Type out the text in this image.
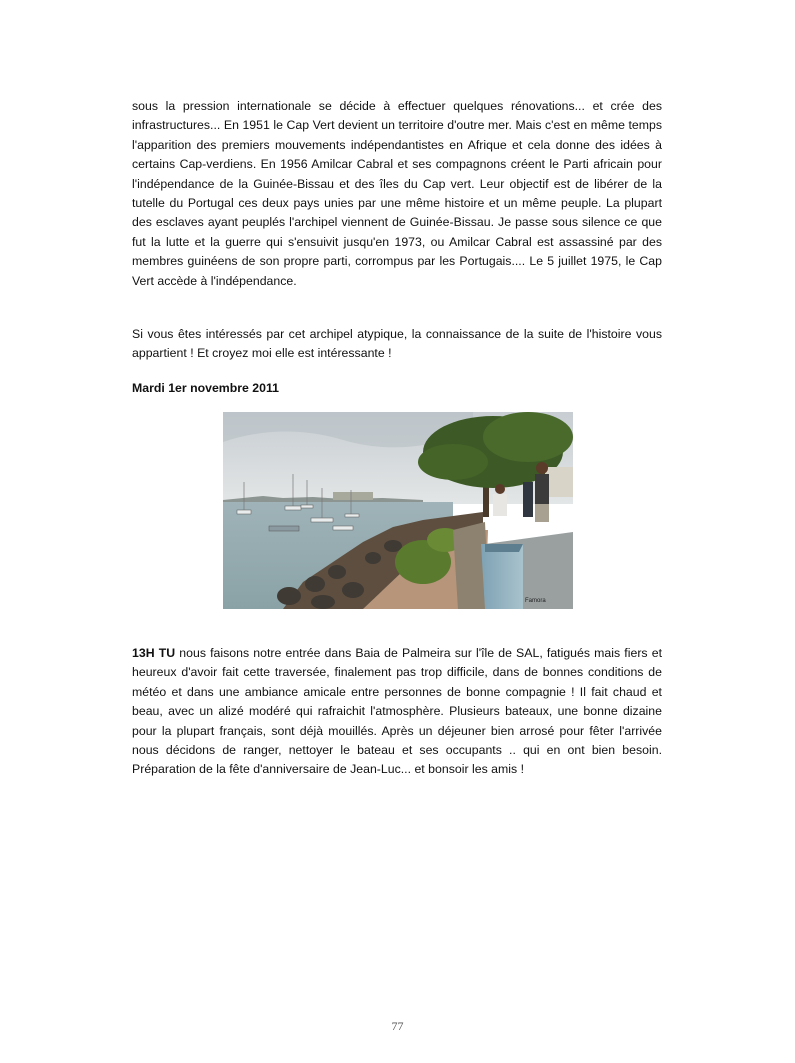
sous la pression internationale se décide à effectuer quelques rénovations... et crée des infrastructures... En 1951 le Cap Vert devient un territoire d'outre mer. Mais c'est en même temps l'apparition des premiers mouvements indépendantistes en Afrique et cela donne des idées à certains Cap-verdiens. En 1956 Amilcar Cabral et ses compagnons créent le Parti africain pour l'indépendance de la Guinée-Bissau et des îles du Cap vert. Leur objectif est de libérer de la tutelle du Portugal ces deux pays unies par une même histoire et un même peuple. La plupart des esclaves ayant peuplés l'archipel viennent de Guinée-Bissau. Je passe sous silence ce que fut la lutte et la guerre qui s'ensuivit jusqu'en 1973, ou Amilcar Cabral est assassiné par des membres guinéens de son propre parti, corrompus par les Portugais.... Le 5 juillet 1975, le Cap Vert accède à l'indépendance.

Si vous êtes intéressés par cet archipel atypique, la connaissance de la suite de l'histoire vous appartient ! Et croyez moi elle est intéressante !

Mardi 1er novembre 2011

Famora

13H TU nous faisons notre entrée dans Baia de Palmeira sur l'île de SAL, fatigués mais fiers et heureux d'avoir fait cette traversée, finalement pas trop difficile, dans de bonnes conditions de météo et dans une ambiance amicale entre personnes de bonne compagnie ! Il fait chaud et beau, avec un alizé modéré qui rafraichit l'atmosphère. Plusieurs bateaux, une bonne dizaine pour la plupart français, sont déjà mouillés. Après un déjeuner bien arrosé pour fêter l'arrivée nous décidons de ranger, nettoyer le bateau et ses occupants .. qui en ont bien besoin. Préparation de la fête d'anniversaire de Jean-Luc... et bonsoir les amis !

77
